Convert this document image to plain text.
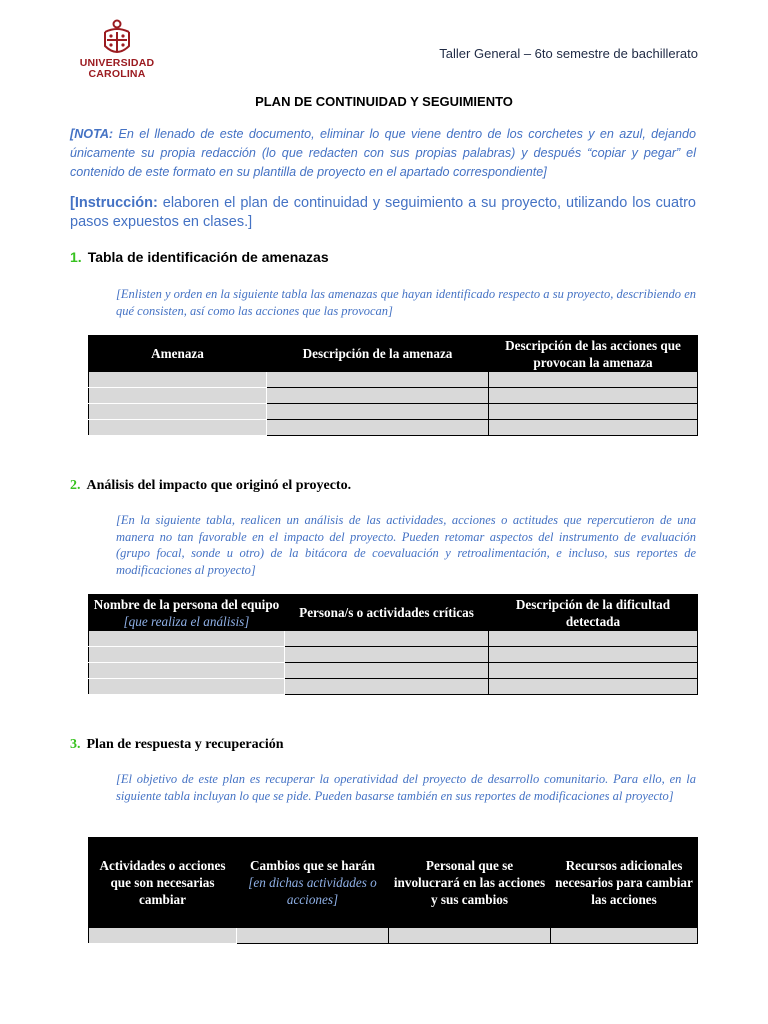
UNIVERSIDAD
CAROLINA
Taller General – 6to semestre de bachillerato
PLAN DE CONTINUIDAD Y SEGUIMIENTO
[NOTA: En el llenado de este documento, eliminar lo que viene dentro de los corchetes y en azul, dejando únicamente su propia redacción (lo que redacten con sus propias palabras) y después “copiar y pegar” el contenido de este formato en su plantilla de proyecto en el apartado correspondiente]
[Instrucción: elaboren el plan de continuidad y seguimiento a su proyecto, utilizando los cuatro pasos expuestos en clases.]
1. Tabla de identificación de amenazas
[Enlisten y orden en la siguiente tabla las amenazas que hayan identificado respecto a su proyecto, describiendo en qué consisten, así como las acciones que las provocan]
Amenaza	Descripción de la amenaza	Descripción de las acciones que provocan la amenaza

2. Análisis del impacto que originó el proyecto.
[En la siguiente tabla, realicen un análisis de las actividades, acciones o actitudes que repercutieron de una manera no tan favorable en el impacto del proyecto. Pueden retomar aspectos del instrumento de evaluación (grupo focal, sonde u otro) de la bitácora de coevaluación y retroalimentación, e incluso, sus reportes de modificaciones al proyecto]
Nombre de la persona del equipo [que realiza el análisis]	Persona/s o actividades críticas	Descripción de la dificultad detectada

3. Plan de respuesta y recuperación
[El objetivo de este plan es recuperar la operatividad del proyecto de desarrollo comunitario. Para ello, en la siguiente tabla incluyan lo que se pide. Pueden basarse también en sus reportes de modificaciones al proyecto]
Actividades o acciones que son necesarias cambiar	Cambios que se harán [en dichas actividades o acciones]	Personal que se involucrará en las acciones y sus cambios	Recursos adicionales necesarios para cambiar las acciones
